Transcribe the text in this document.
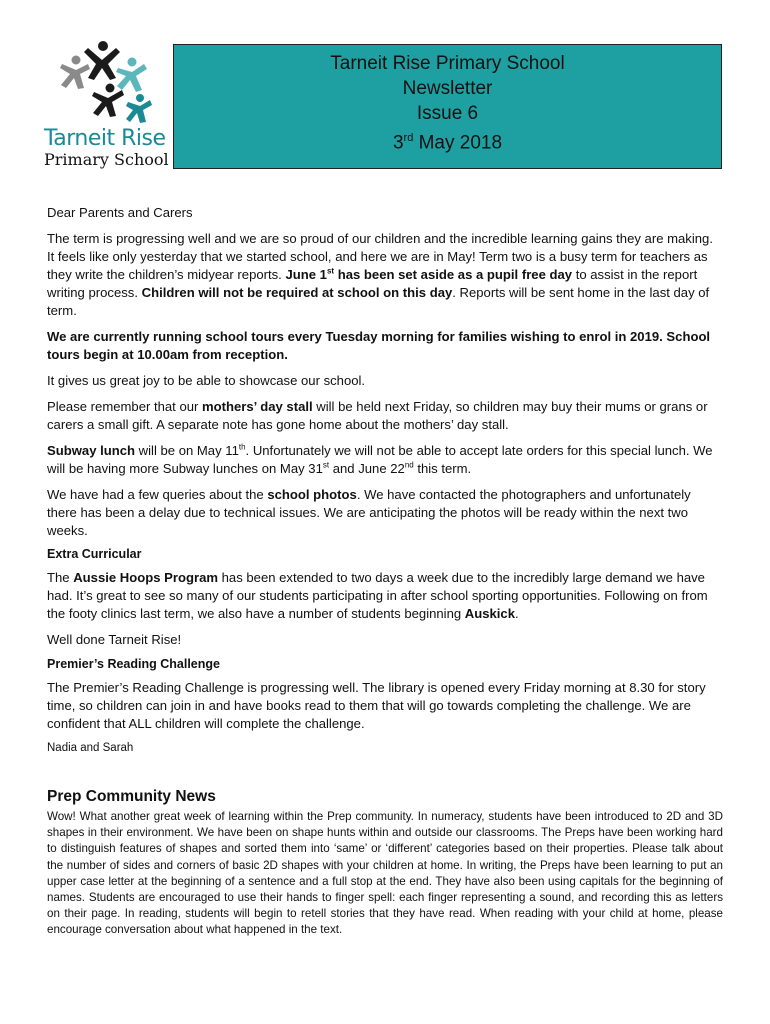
Tarneit Rise
Primary School
Tarneit Rise Primary School
Newsletter
Issue 6
3rd May 2018

Dear Parents and Carers

The term is progressing well and we are so proud of our children and the incredible learning gains they are making. It feels like only yesterday that we started school, and here we are in May! Term two is a busy term for teachers as they write the children’s midyear reports. June 1st has been set aside as a pupil free day to assist in the report writing process. Children will not be required at school on this day. Reports will be sent home in the last day of term.

We are currently running school tours every Tuesday morning for families wishing to enrol in 2019. School tours begin at 10.00am from reception.

It gives us great joy to be able to showcase our school.

Please remember that our mothers’ day stall will be held next Friday, so children may buy their mums or grans or carers a small gift. A separate note has gone home about the mothers’ day stall.

Subway lunch will be on May 11th. Unfortunately we will not be able to accept late orders for this special lunch. We will be having more Subway lunches on May 31st and June 22nd this term.

We have had a few queries about the school photos. We have contacted the photographers and unfortunately there has been a delay due to technical issues. We are anticipating the photos will be ready within the next two weeks.

Extra Curricular

The Aussie Hoops Program has been extended to two days a week due to the incredibly large demand we have had. It’s great to see so many of our students participating in after school sporting opportunities. Following on from the footy clinics last term, we also have a number of students beginning Auskick.

Well done Tarneit Rise!

Premier’s Reading Challenge

The Premier’s Reading Challenge is progressing well. The library is opened every Friday morning at 8.30 for story time, so children can join in and have books read to them that will go towards completing the challenge. We are confident that ALL children will complete the challenge.

Nadia and Sarah

Prep Community News

Wow! What another great week of learning within the Prep community. In numeracy, students have been introduced to 2D and 3D shapes in their environment. We have been on shape hunts within and outside our classrooms. The Preps have been working hard to distinguish features of shapes and sorted them into ‘same’ or ‘different’ categories based on their properties. Please talk about the number of sides and corners of basic 2D shapes with your children at home. In writing, the Preps have been learning to put an upper case letter at the beginning of a sentence and a full stop at the end. They have also been using capitals for the beginning of names. Students are encouraged to use their hands to finger spell: each finger representing a sound, and recording this as letters on their page. In reading, students will begin to retell stories that they have read. When reading with your child at home, please encourage conversation about what happened in the text.
